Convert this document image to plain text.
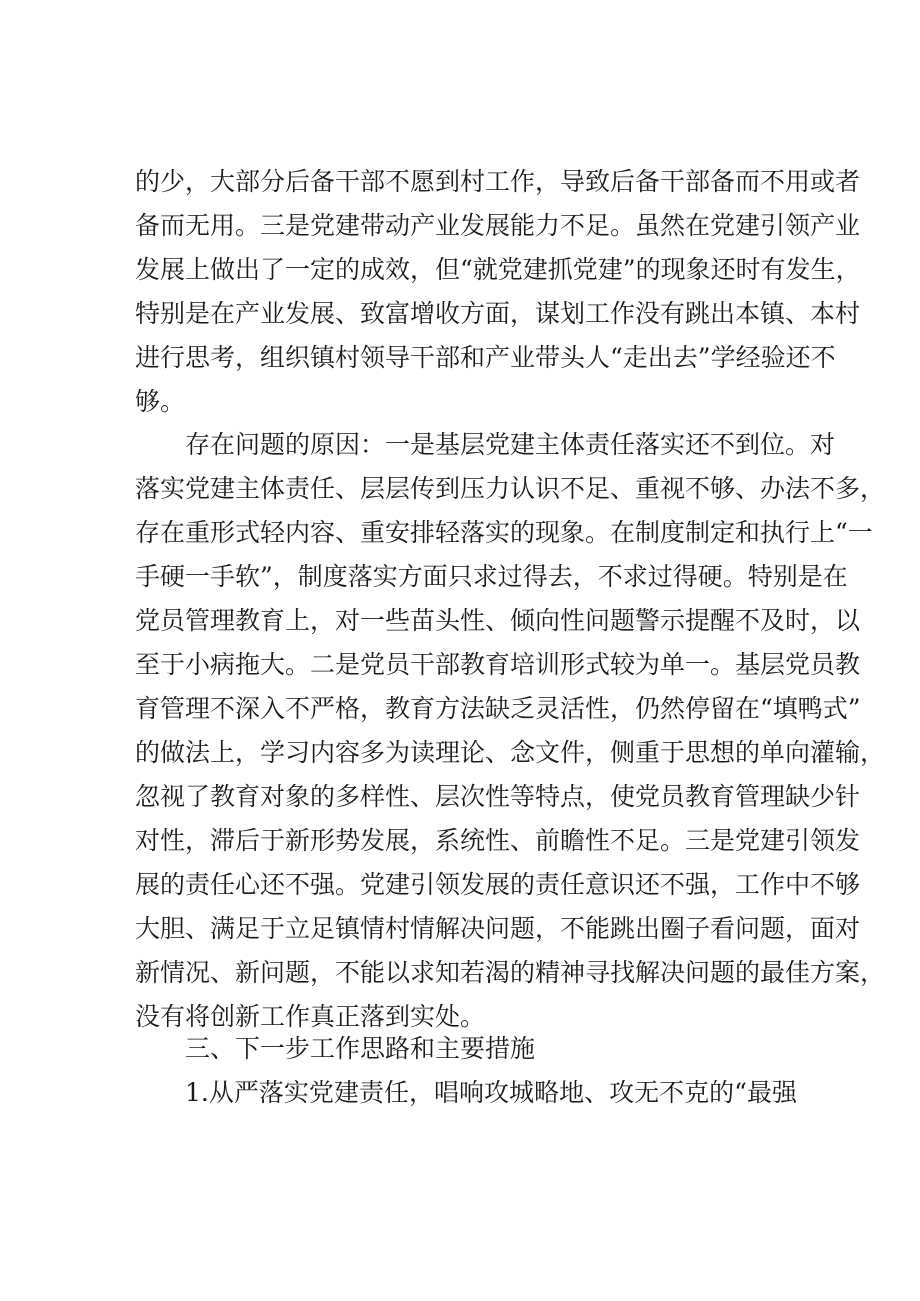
的少，大部分后备干部不愿到村工作，导致后备干部备而不用或者
备而无用。三是党建带动产业发展能力不足。虽然在党建引领产业
发展上做出了一定的成效，但“就党建抓党建”的现象还时有发生，
特别是在产业发展、致富增收方面，谋划工作没有跳出本镇、本村
进行思考，组织镇村领导干部和产业带头人“走出去”学经验还不
够。
存在问题的原因：一是基层党建主体责任落实还不到位。对
落实党建主体责任、层层传到压力认识不足、重视不够、办法不多，
存在重形式轻内容、重安排轻落实的现象。在制度制定和执行上“一
手硬一手软”，制度落实方面只求过得去，不求过得硬。特别是在
党员管理教育上，对一些苗头性、倾向性问题警示提醒不及时，以
至于小病拖大。二是党员干部教育培训形式较为单一。基层党员教
育管理不深入不严格，教育方法缺乏灵活性，仍然停留在“填鸭式”
的做法上，学习内容多为读理论、念文件，侧重于思想的单向灌输，
忽视了教育对象的多样性、层次性等特点，使党员教育管理缺少针
对性，滞后于新形势发展，系统性、前瞻性不足。三是党建引领发
展的责任心还不强。党建引领发展的责任意识还不强，工作中不够
大胆、满足于立足镇情村情解决问题，不能跳出圈子看问题，面对
新情况、新问题，不能以求知若渴的精神寻找解决问题的最佳方案，
没有将创新工作真正落到实处。
三、下一步工作思路和主要措施
1.从严落实党建责任，唱响攻城略地、攻无不克的“最强
